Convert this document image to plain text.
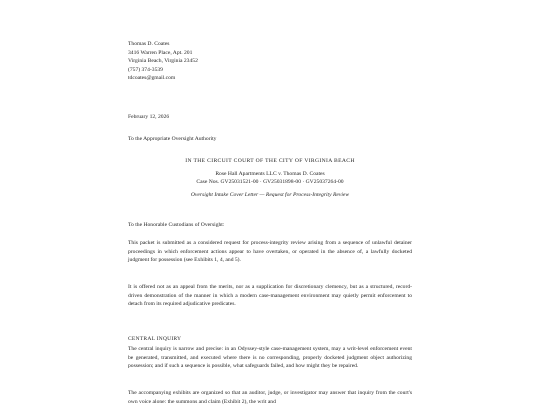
Thomas D. Coates
3416 Warren Place, Apt. 201
Virginia Beach, Virginia 23452
(757) 374-3539
tdcoates@gmail.com

February 12, 2026

To the Appropriate Oversight Authority

IN THE CIRCUIT COURT OF THE CITY OF VIRGINIA BEACH
Rose Hall Apartments LLC v. Thomas D. Coates
Case Nos. GV25031521-00 · GV25031898-00 · GV25037264-00
Oversight Intake Cover Letter — Request for Process-Integrity Review

To the Honorable Custodians of Oversight:

This packet is submitted as a considered request for process-integrity review arising from a sequence of unlawful detainer proceedings in which enforcement actions appear to have overtaken, or operated in the absence of, a lawfully docketed judgment for possession (see Exhibits 1, 4, and 5).

It is offered not as an appeal from the merits, nor as a supplication for discretionary clemency, but as a structured, record-driven demonstration of the manner in which a modern case-management environment may quietly permit enforcement to detach from its required adjudicative predicates.

CENTRAL INQUIRY

The central inquiry is narrow and precise: in an Odyssey-style case-management system, may a writ-level enforcement event be generated, transmitted, and executed where there is no corresponding, properly docketed judgment object authorizing possession; and if such a sequence is possible, what safeguards failed, and how might they be repaired.

The accompanying exhibits are organized so that an auditor, judge, or investigator may answer that inquiry from the court's own voice alone: the summons and claim (Exhibit 2), the writ and
